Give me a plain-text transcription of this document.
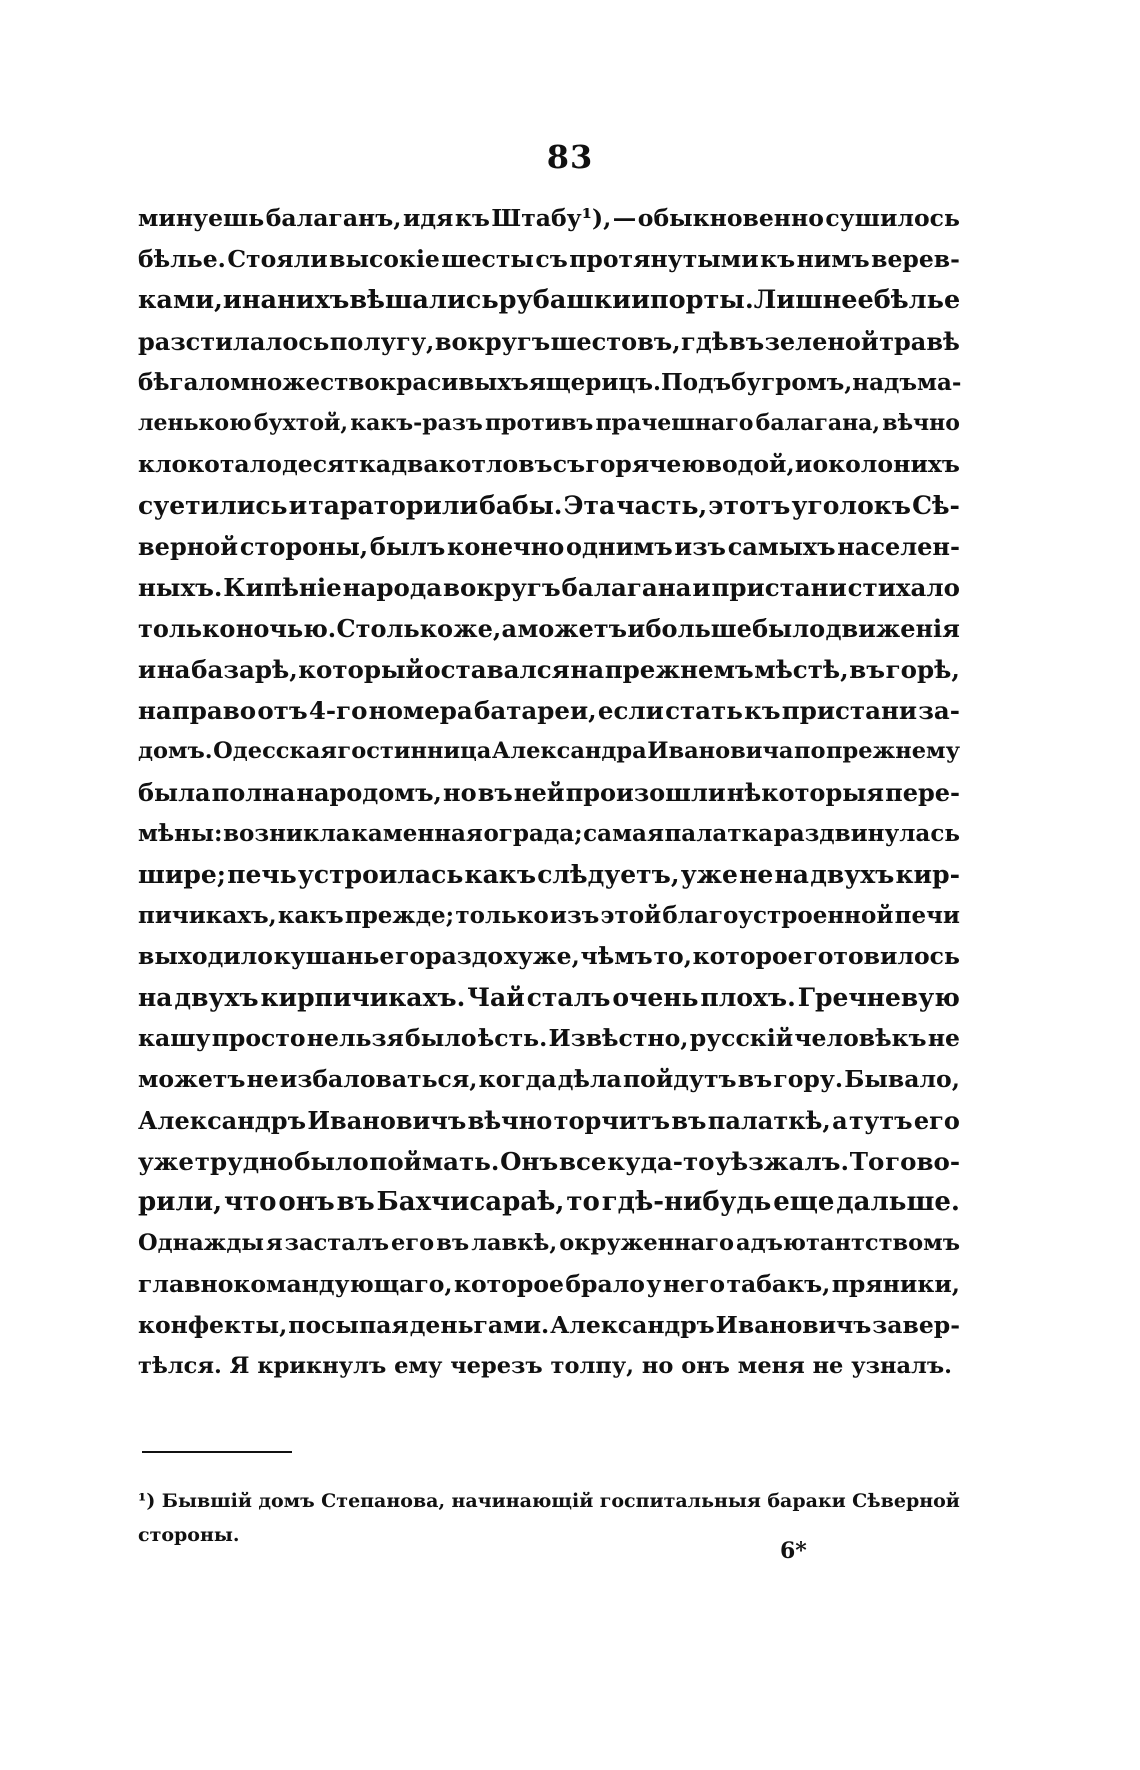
83
минуешь балаганъ, идя къ Штабу¹), — обыкновенно сушилось
бѣлье. Стояли высокіе шесты съ протянутыми къ нимъ верев-
ками, и на нихъ вѣшались рубашки и порты. Лишнее бѣлье
разстилалось по лугу, вокругъ шестовъ, гдѣ въ зеленой травѣ
бѣгало множество красивыхъ ящерицъ. Подъ бугромъ, надъ ма-
ленькою бухтой, какъ-разъ противъ прачешнаго балагана, вѣчно
клокотало десятка два котловъ съ горячею водой, и около нихъ
суетились и тараторили бабы. Эта часть, этотъ уголокъ Сѣ-
верной стороны, былъ конечно однимъ изъ самыхъ населен-
ныхъ. Кипѣніе народа вокругъ балагана и пристани стихало
только ночью. Столько же, а можетъ и больше было движенія
и на базарѣ, который оставался на прежнемъ мѣстѣ, въ горѣ,
направо отъ 4-го номера батареи, если стать къ пристани за-
домъ. Одесская гостинница Александра Ивановича по прежнему
была полна народомъ, но въ ней произошли нѣкоторыя пере-
мѣны: возникла каменная ограда; самая палатка раздвинулась
шире; печь устроилась какъ слѣдуетъ, уже не на двухъ кир-
пичикахъ, какъ прежде; только изъ этой благоустроенной печи
выходило кушанье гораздо хуже, чѣмъ то, которое готовилось
на двухъ кирпичикахъ. Чай сталъ очень плохъ. Гречневую
кашу просто нельзя было ѣсть. Извѣстно, русскій человѣкъ не
можетъ не избаловаться, когда дѣла пойдутъ въ гору. Бывало,
Александръ Ивановичъ вѣчно торчитъ въ палаткѣ, а тутъ его
уже трудно было поймать. Онъ все куда-то уѣзжалъ. То гово-
рили, что онъ въ Бахчисараѣ, то гдѣ-нибудь еще дальше.
Однажды я засталъ его въ лавкѣ, окруженнаго адъютантствомъ
главнокомандующаго, которое брало у него табакъ, пряники,
конфекты, посыпая деньгами. Александръ Ивановичъ завер-
тѣлся.
Я
крикнулъ
ему
черезъ
толпу,
но
онъ
меня
не
узналъ.
¹) Бывшій домъ Степанова, начинающій госпитальныя бараки Сѣверной
стороны.
6*
